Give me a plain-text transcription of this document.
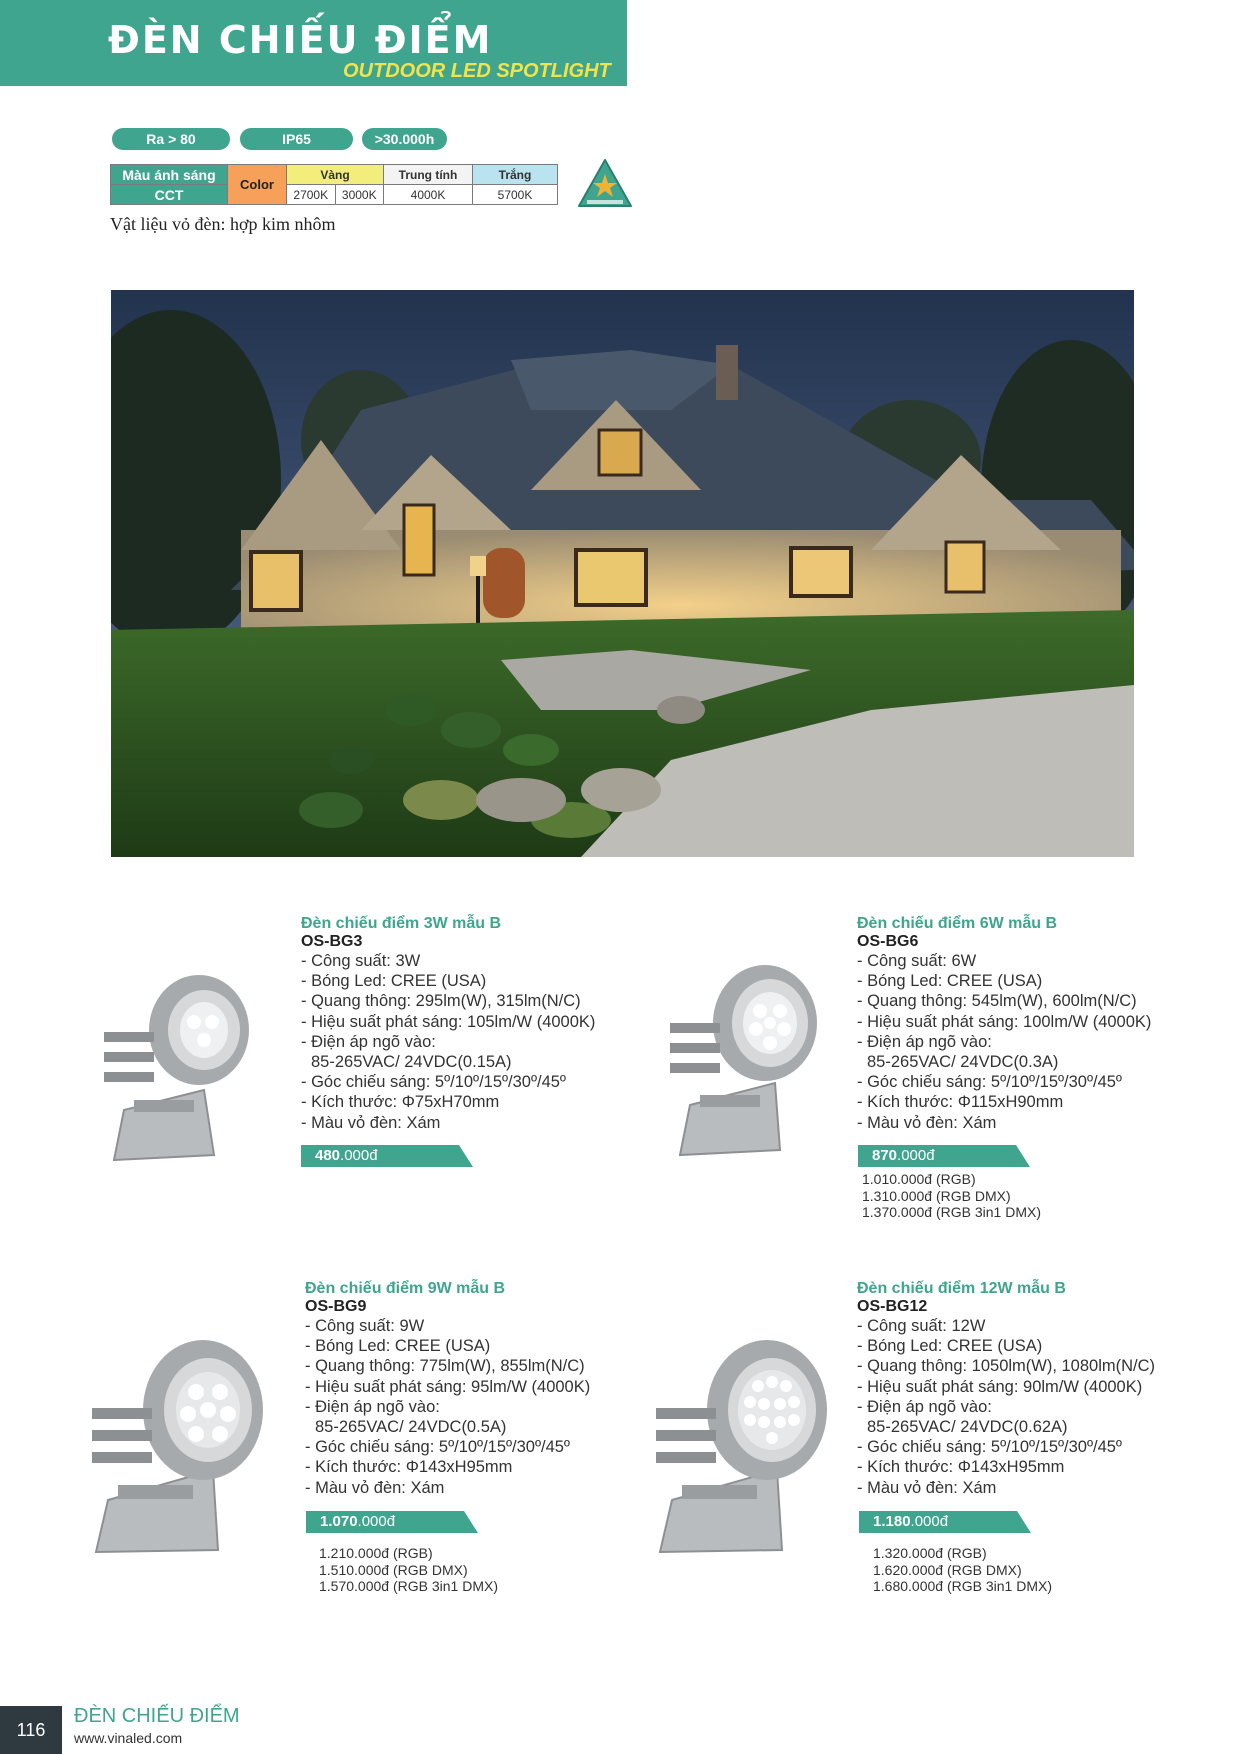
ĐÈN CHIẾU ĐIỂM
OUTDOOR LED SPOTLIGHT
Ra > 80	IP65	>30.000h
Màu ánh sáng	Color	Vàng		Trung tính	Trắng
CCT		2700K	3000K	4000K	5700K
Vật liệu vỏ đèn: hợp kim nhôm
Đèn chiếu điểm 3W mẫu B
OS-BG3
- Công suất: 3W
- Bóng Led: CREE (USA)
- Quang thông: 295lm(W), 315lm(N/C)
- Hiệu suất phát sáng: 105lm/W (4000K)
- Điện áp ngõ vào:
85-265VAC/ 24VDC(0.15A)
- Góc chiếu sáng: 5º/10º/15º/30º/45º
- Kích thước: Φ75xH70mm
- Màu vỏ đèn: Xám
480.000đ
Đèn chiếu điểm 6W mẫu B
OS-BG6
- Công suất: 6W
- Bóng Led: CREE (USA)
- Quang thông: 545lm(W), 600lm(N/C)
- Hiệu suất phát sáng: 100lm/W (4000K)
- Điện áp ngõ vào:
85-265VAC/ 24VDC(0.3A)
- Góc chiếu sáng: 5º/10º/15º/30º/45º
- Kích thước: Φ115xH90mm
- Màu vỏ đèn: Xám
870.000đ
1.010.000đ (RGB)
1.310.000đ (RGB DMX)
1.370.000đ (RGB 3in1 DMX)
Đèn chiếu điểm 9W mẫu B
OS-BG9
- Công suất: 9W
- Bóng Led: CREE (USA)
- Quang thông: 775lm(W), 855lm(N/C)
- Hiệu suất phát sáng: 95lm/W (4000K)
- Điện áp ngõ vào:
85-265VAC/ 24VDC(0.5A)
- Góc chiếu sáng: 5º/10º/15º/30º/45º
- Kích thước: Φ143xH95mm
- Màu vỏ đèn: Xám
1.070.000đ
1.210.000đ (RGB)
1.510.000đ (RGB DMX)
1.570.000đ (RGB 3in1 DMX)
Đèn chiếu điểm 12W mẫu B
OS-BG12
- Công suất: 12W
- Bóng Led: CREE (USA)
- Quang thông: 1050lm(W), 1080lm(N/C)
- Hiệu suất phát sáng: 90lm/W (4000K)
- Điện áp ngõ vào:
85-265VAC/ 24VDC(0.62A)
- Góc chiếu sáng: 5º/10º/15º/30º/45º
- Kích thước: Φ143xH95mm
- Màu vỏ đèn: Xám
1.180.000đ
1.320.000đ (RGB)
1.620.000đ (RGB DMX)
1.680.000đ (RGB 3in1 DMX)
116
ĐÈN CHIẾU ĐIỂM
www.vinaled.com
